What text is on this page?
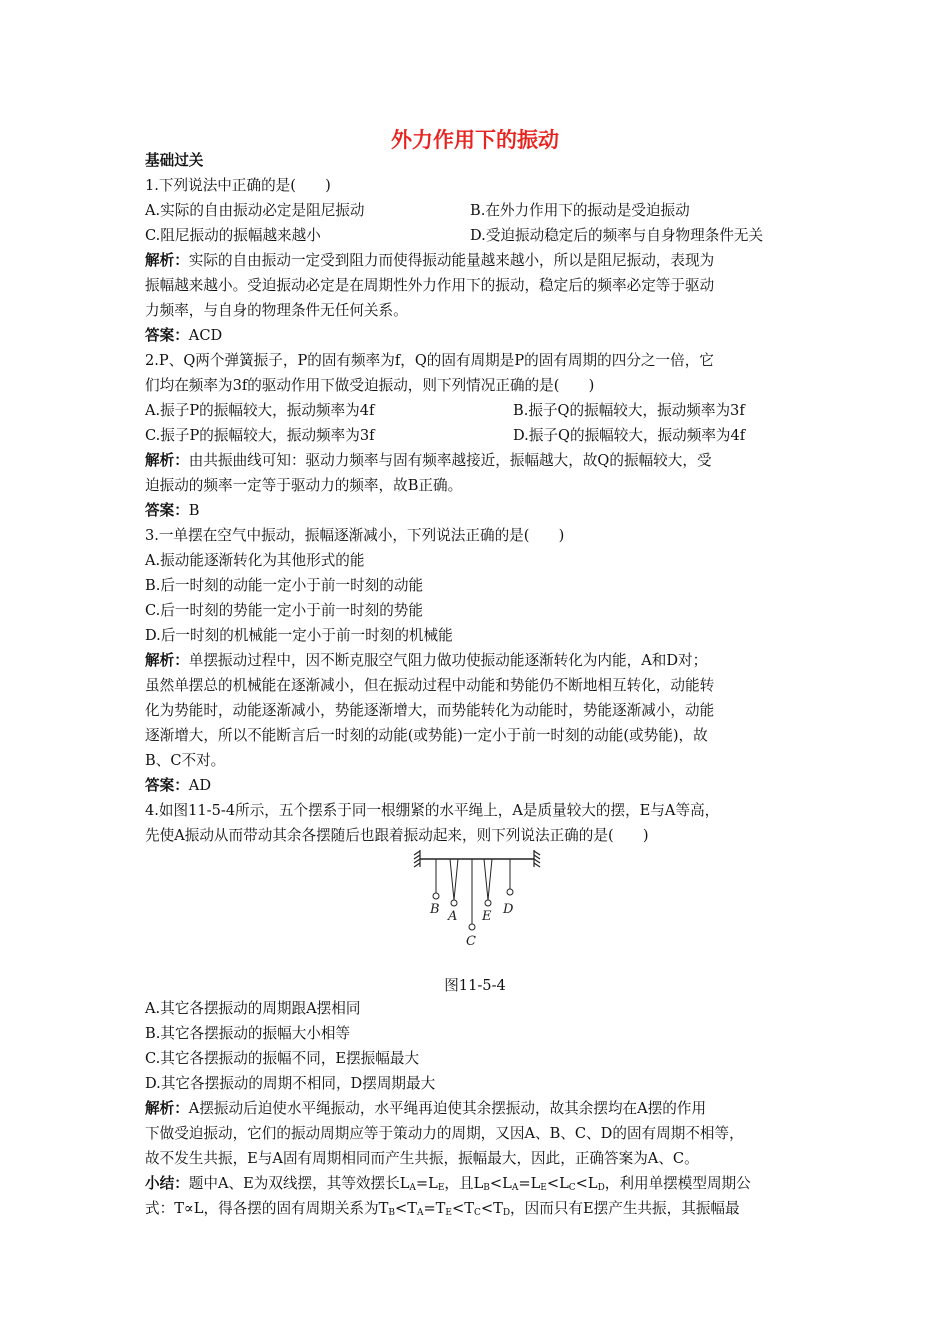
外力作用下的振动
基础过关
1.下列说法中正确的是(　　)
A.实际的自由振动必定是阻尼振动	B.在外力作用下的振动是受迫振动
C.阻尼振动的振幅越来越小	D.受迫振动稳定后的频率与自身物理条件无关
解析：实际的自由振动一定受到阻力而使得振动能量越来越小，所以是阻尼振动，表现为
振幅越来越小。受迫振动必定是在周期性外力作用下的振动，稳定后的频率必定等于驱动
力频率，与自身的物理条件无任何关系。
答案：ACD
2.P、Q两个弹簧振子，P的固有频率为f，Q的固有周期是P的固有周期的四分之一倍，它
们均在频率为3f的驱动作用下做受迫振动，则下列情况正确的是(　　)
A.振子P的振幅较大，振动频率为4f	B.振子Q的振幅较大，振动频率为3f
C.振子P的振幅较大，振动频率为3f	D.振子Q的振幅较大，振动频率为4f
解析：由共振曲线可知：驱动力频率与固有频率越接近，振幅越大，故Q的振幅较大，受
迫振动的频率一定等于驱动力的频率，故B正确。
答案：B
3.一单摆在空气中振动，振幅逐渐减小，下列说法正确的是(　　)
A.振动能逐渐转化为其他形式的能
B.后一时刻的动能一定小于前一时刻的动能
C.后一时刻的势能一定小于前一时刻的势能
D.后一时刻的机械能一定小于前一时刻的机械能
解析：单摆振动过程中，因不断克服空气阻力做功使振动能逐渐转化为内能，A和D对；
虽然单摆总的机械能在逐渐减小，但在振动过程中动能和势能仍不断地相互转化，动能转
化为势能时，动能逐渐减小，势能逐渐增大，而势能转化为动能时，势能逐渐减小，动能
逐渐增大，所以不能断言后一时刻的动能(或势能)一定小于前一时刻的动能(或势能)，故
B、C不对。
答案：AD
4.如图11-5-4所示，五个摆系于同一根绷紧的水平绳上，A是质量较大的摆，E与A等高，
先使A振动从而带动其余各摆随后也跟着振动起来，则下列说法正确的是(　　)
B A
C
E D
图11-5-4
A.其它各摆振动的周期跟A摆相同
B.其它各摆振动的振幅大小相等
C.其它各摆振动的振幅不同，E摆振幅最大
D.其它各摆振动的周期不相同，D摆周期最大
解析：A摆振动后迫使水平绳振动，水平绳再迫使其余摆振动，故其余摆均在A摆的作用
下做受迫振动，它们的振动周期应等于策动力的周期，又因A、B、C、D的固有周期不相等，
故不发生共振，E与A固有周期相同而产生共振，振幅最大，因此，正确答案为A、C。
小结：题中A、E为双线摆，其等效摆长$L_A=L_E$，且$L_B<L_A=L_E<L_C<L_D$，利用单摆模型周期公
式：T∝L，得各摆的固有周期关系为$T_B<T_A=T_E<T_C<T_D$，因而只有E摆产生共振，其振幅最
